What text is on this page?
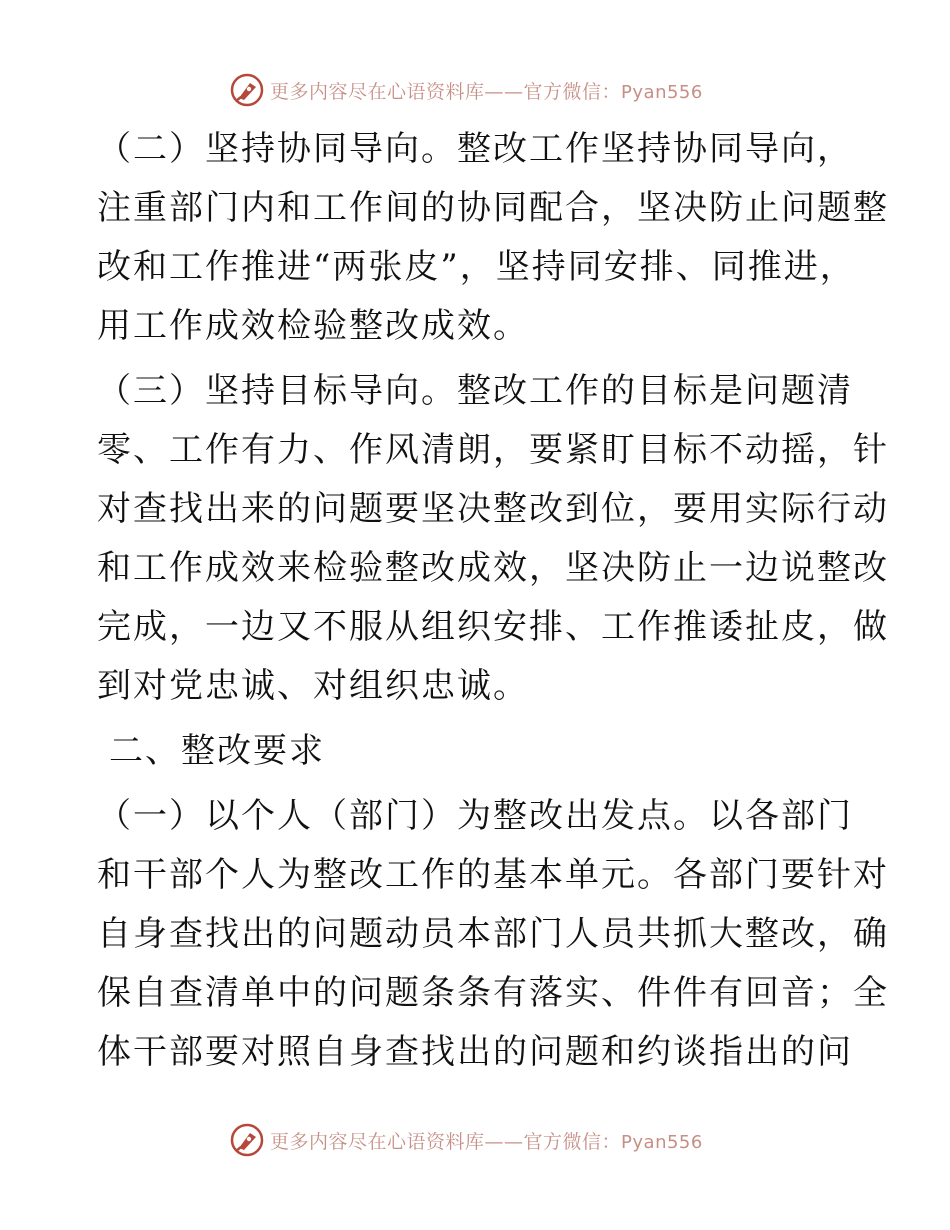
更多内容尽在心语资料库——官方微信：Pyan556

（二）坚持协同导向。整改工作坚持协同导向，
注重部门内和工作间的协同配合，坚决防止问题整
改和工作推进“两张皮”，坚持同安排、同推进，
用工作成效检验整改成效。

（三）坚持目标导向。整改工作的目标是问题清
零、工作有力、作风清朗，要紧盯目标不动摇，针
对查找出来的问题要坚决整改到位，要用实际行动
和工作成效来检验整改成效，坚决防止一边说整改
完成，一边又不服从组织安排、工作推诿扯皮，做
到对党忠诚、对组织忠诚。

二、整改要求

（一）以个人（部门）为整改出发点。以各部门
和干部个人为整改工作的基本单元。各部门要针对
自身查找出的问题动员本部门人员共抓大整改，确
保自查清单中的问题条条有落实、件件有回音；全
体干部要对照自身查找出的问题和约谈指出的问

更多内容尽在心语资料库——官方微信：Pyan556
